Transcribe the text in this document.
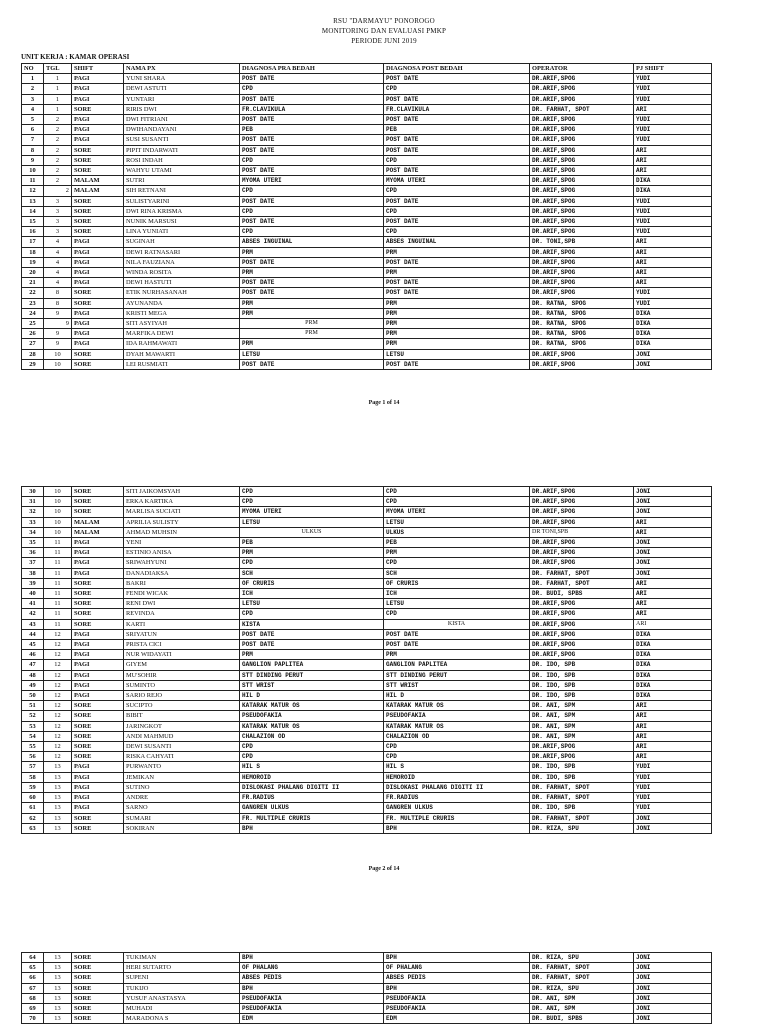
RSU "DARMAYU" PONOROGO
MONITORING DAN EVALUASI PMKP
PERIODE JUNI 2019
UNIT KERJA : KAMAR OPERASI
NO	TGL	SHIFT	NAMA PX	DIAGNOSA PRA BEDAH	DIAGNOSA POST BEDAH	OPERATOR	PJ SHIFT
1	1	PAGI	YUNI SHARA	POST DATE	POST DATE	DR.ARIF,SPOG	YUDI
2	1	PAGI	DEWI ASTUTI	CPD	CPD	DR.ARIF,SPOG	YUDI
3	1	PAGI	YUNTARI	POST DATE	POST DATE	DR.ARIF,SPOG	YUDI
4	1	SORE	RIRIS DWI	FR.CLAVIKULA	FR.CLAVIKULA	DR. FARHAT, SPOT	ARI
5	2	PAGI	DWI FITRIANI	POST DATE	POST DATE	DR.ARIF,SPOG	YUDI
6	2	PAGI	DWIHANDAYANI	PEB	PEB	DR.ARIF,SPOG	YUDI
7	2	PAGI	SUSI SUSANTI	POST DATE	POST DATE	DR.ARIF,SPOG	YUDI
8	2	SORE	PIPIT INDARWATI	POST DATE	POST DATE	DR.ARIF,SPOG	ARI
9	2	SORE	ROSI INDAH	CPD	CPD	DR.ARIF,SPOG	ARI
10	2	SORE	WAHYU UTAMI	POST DATE	POST DATE	DR.ARIF,SPOG	ARI
11	2	MALAM	SUTRI	MYOMA UTERI	MYOMA UTERI	DR.ARIF,SPOG	DIKA
12	2	MALAM	SIH RETNANI	CPD	CPD	DR.ARIF,SPOG	DIKA
13	3	SORE	SULISTYARINI	POST DATE	POST DATE	DR.ARIF,SPOG	YUDI
14	3	SORE	DWI RINA KRISMA	CPD	CPD	DR.ARIF,SPOG	YUDI
15	3	SORE	NUNIK MARSUSI	POST DATE	POST DATE	DR.ARIF,SPOG	YUDI
16	3	SORE	LINA YUNIATI	CPD	CPD	DR.ARIF,SPOG	YUDI
17	4	PAGI	SUGINAH	ABSES INGUINAL	ABSES INGUINAL	DR. TONI,SPB	ARI
18	4	PAGI	DEWI RATNASARI	PRM	PRM	DR.ARIF,SPOG	ARI
19	4	PAGI	NILA FAUZIANA	POST DATE	POST DATE	DR.ARIF,SPOG	ARI
20	4	PAGI	WINDA ROSITA	PRM	PRM	DR.ARIF,SPOG	ARI
21	4	PAGI	DEWI HASTUTI	POST DATE	POST DATE	DR.ARIF,SPOG	ARI
22	8	SORE	ETIK NURHASANAH	POST DATE	POST DATE	DR.ARIF,SPOG	YUDI
23	8	SORE	AYUNANDA	PRM	PRM	DR. RATNA, SPOG	YUDI
24	9	PAGI	KRISTI MEGA	PRM	PRM	DR. RATNA, SPOG	DIKA
25	9	PAGI	SITI ASYIYAH	PRM	PRM	DR. RATNA, SPOG	DIKA
26	9	PAGI	MARFIKA DEWI	PRM	PRM	DR. RATNA, SPOG	DIKA
27	9	PAGI	IDA RAHMAWATI	PRM	PRM	DR. RATNA, SPOG	DIKA
28	10	SORE	DYAH MAWARTI	LETSU	LETSU	DR.ARIF,SPOG	JONI
29	10	SORE	LEI RUSMIATI	POST DATE	POST DATE	DR.ARIF,SPOG	JONI
Page 1 of 14
30	10	SORE	SITI JAIKOMSYAH	CPD	CPD	DR.ARIF,SPOG	JONI
31	10	SORE	ERKA KARTIKA	CPD	CPD	DR.ARIF,SPOG	JONI
32	10	SORE	MARLISA SUCIATI	MYOMA UTERI	MYOMA UTERI	DR.ARIF,SPOG	JONI
33	10	MALAM	APRILIA SULISTY	LETSU	LETSU	DR.ARIF,SPOG	ARI
34	10	MALAM	AHMAD MUHSIN	ULKUS	ULKUS	DR TONI,SPB	ARI
35	11	PAGI	YENI	PEB	PEB	DR.ARIF,SPOG	JONI
36	11	PAGI	ESTINIO ANISA	PRM	PRM	DR.ARIF,SPOG	JONI
37	11	PAGI	SRIWAHYUNI	CPD	CPD	DR.ARIF,SPOG	JONI
38	11	PAGI	DANADIAKSA	SCH	SCH	DR. FARHAT, SPOT	JONI
39	11	SORE	BAKRI	OF CRURIS	OF CRURIS	DR. FARHAT, SPOT	ARI
40	11	SORE	FENDI WICAK	ICH	ICH	DR. BUDI, SPBS	ARI
41	11	SORE	RENI DWI	LETSU	LETSU	DR.ARIF,SPOG	ARI
42	11	SORE	REVINDA	CPD	CPD	DR.ARIF,SPOG	ARI
43	11	SORE	KARTI	KISTA	KISTA	DR.ARIF,SPOG	ARI
44	12	PAGI	SRIYATUN	POST DATE	POST DATE	DR.ARIF,SPOG	DIKA
45	12	PAGI	PRISTA CICI	POST DATE	POST DATE	DR.ARIF,SPOG	DIKA
46	12	PAGI	NUR WIDAYATI	PRM	PRM	DR.ARIF,SPOG	DIKA
47	12	PAGI	GIYEM	GANGLION PAPLITEA	GANGLION PAPLITEA	DR. IDO, SPB	DIKA
48	12	PAGI	MU'SOHIR	STT DINDING PERUT	STT DINDING PERUT	DR. IDO, SPB	DIKA
49	12	PAGI	SUMINTO	STT WRIST	STT WRIST	DR. IDO, SPB	DIKA
50	12	PAGI	SARIO REJO	HIL D	HIL D	DR. IDO, SPB	DIKA
51	12	SORE	SUCIPTO	KATARAK MATUR OS	KATARAK MATUR OS	DR. ANI, SPM	ARI
52	12	SORE	BIBIT	PSEUDOFAKIA	PSEUDOFAKIA	DR. ANI, SPM	ARI
53	12	SORE	JARINGKOT	KATARAK MATUR OS	KATARAK MATUR OS	DR. ANI, SPM	ARI
54	12	SORE	ANDI MAHMUD	CHALAZION OD	CHALAZION OD	DR. ANI, SPM	ARI
55	12	SORE	DEWI SUSANTI	CPD	CPD	DR.ARIF,SPOG	ARI
56	12	SORE	RISKA CAHYATI	CPD	CPD	DR.ARIF,SPOG	ARI
57	13	PAGI	PURWANTO	HIL S	HIL S	DR. IDO, SPB	YUDI
58	13	PAGI	JEMIKAN	HEMOROID	HEMOROID	DR. IDO, SPB	YUDI
59	13	PAGI	SUTINO	DISLOKASI PHALANG DIGITI II	DISLOKASI PHALANG DIGITI II	DR. FARHAT, SPOT	YUDI
60	13	PAGI	ANDRE	FR.RADIUS	FR.RADIUS	DR. FARHAT, SPOT	YUDI
61	13	PAGI	SARNO	GANGREN ULKUS	GANGREN ULKUS	DR. IDO, SPB	YUDI
62	13	SORE	SUMARI	FR. MULTIPLE CRURIS	FR. MULTIPLE CRURIS	DR. FARHAT, SPOT	JONI
63	13	SORE	SOKIRAN	BPH	BPH	DR. RIZA, SPU	JONI
Page 2 of 14
64	13	SORE	TUKIMAN	BPH	BPH	DR. RIZA, SPU	JONI
65	13	SORE	HERI SUTARTO	OF PHALANG	OF PHALANG	DR. FARHAT, SPOT	JONI
66	13	SORE	SUPENI	ABSES PEDIS	ABSES PEDIS	DR. FARHAT, SPOT	JONI
67	13	SORE	TUKIJO	BPH	BPH	DR. RIZA, SPU	JONI
68	13	SORE	YUSUF ANASTASYA	PSEUDOFAKIA	PSEUDOFAKIA	DR. ANI, SPM	JONI
69	13	SORE	MUHADI	PSEUDOFAKIA	PSEUDOFAKIA	DR. ANI, SPM	JONI
70	13	SORE	MARADONA S	EDM	EDM	DR. BUDI, SPBS	JONI
